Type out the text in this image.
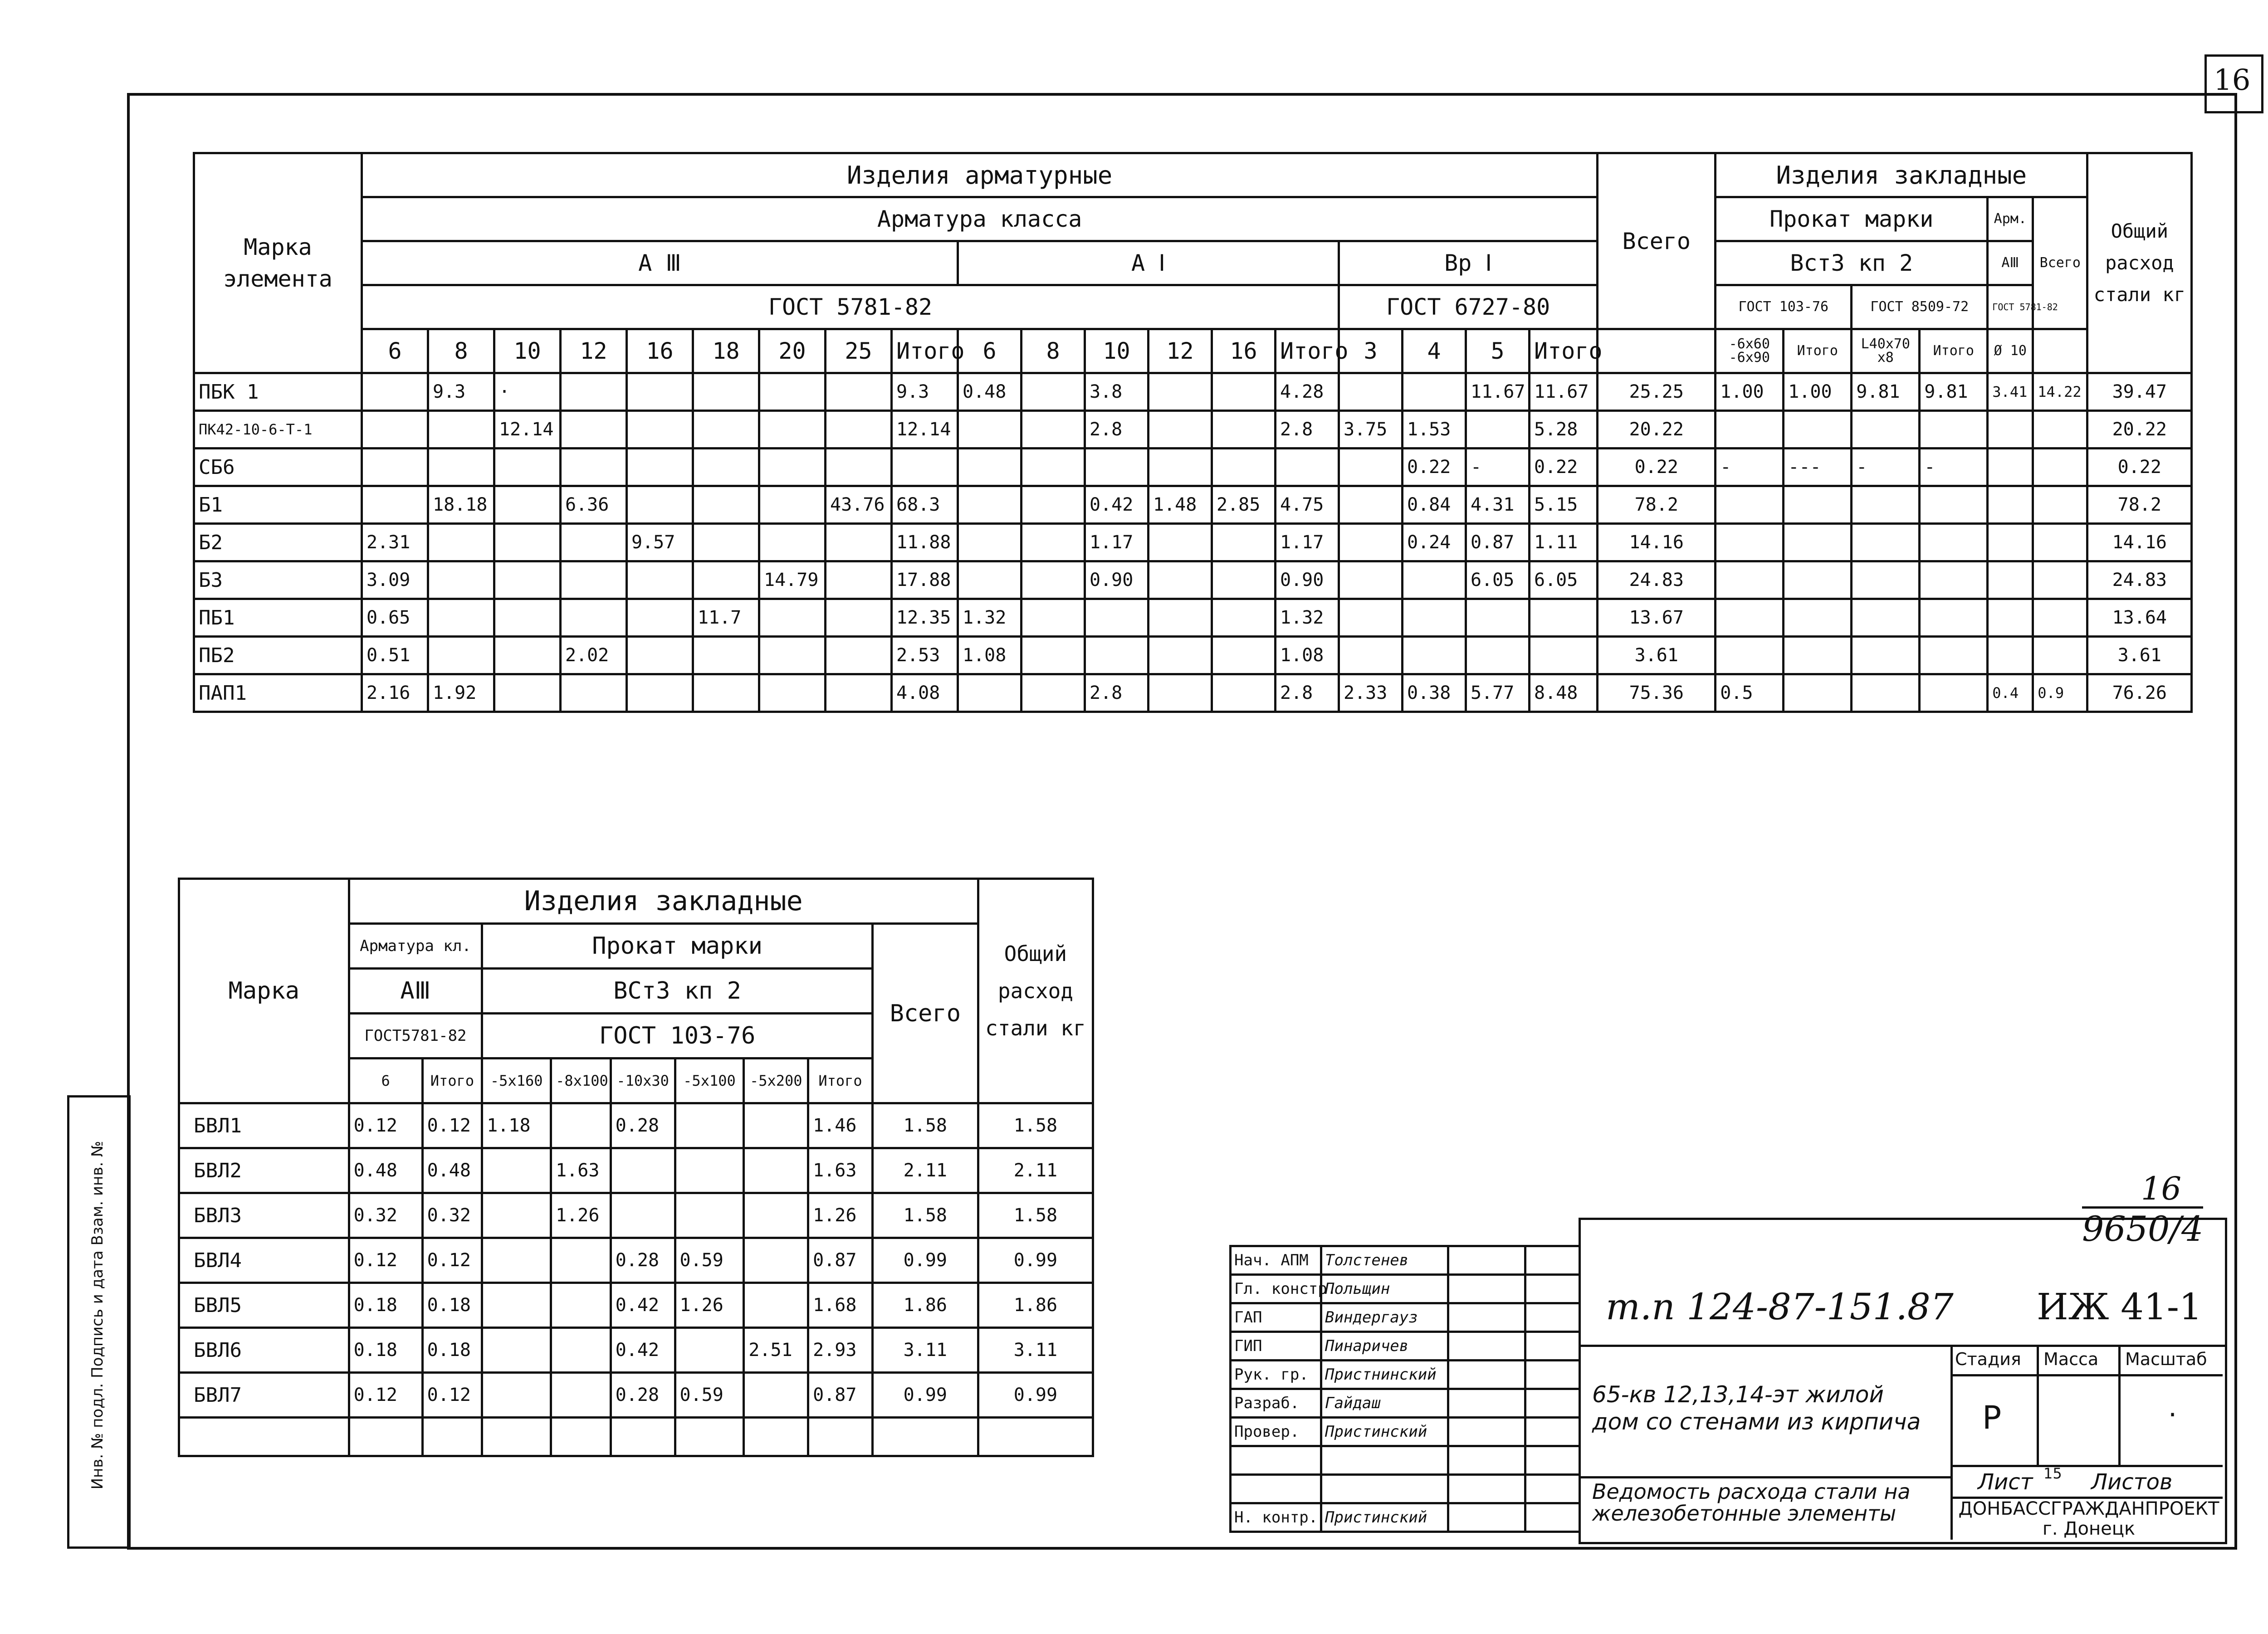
16
Инв. № подл. Подпись и дата Взам. инв. №
Марка элемента	Изделия арматурные																			Всего	Изделия закладные						Общий расход стали кг
	Арматура класса																				Прокат марки				Арм.	Всего	
	А Ⅲ									А Ⅰ						Вр Ⅰ					Вст3 кп 2				АⅢ		
	ГОСТ 5781-82															ГОСТ 6727-80					ГОСТ 103-76		ГОСТ 8509-72		ГОСТ 5781-82		
	6	8	10	12	16	18	20	25	Итого	6	8	10	12	16	Итого	3	4	5	Итого		-6x60 -6x90	Итого	L40x70 x8	Итого	Ø 10		
ПБК 1		9.3	·						9.3	0.48		3.8			4.28			11.67	11.67	25.25	1.00	1.00	9.81	9.81	3.41	14.22	39.47
ПК42-10-6-Т-1			12.14						12.14			2.8			2.8	3.75	1.53		5.28	20.22							20.22
СБ6																	0.22	-	0.22	0.22	-	---	-	-			0.22
Б1		18.18		6.36				43.76	68.3			0.42	1.48	2.85	4.75		0.84	4.31	5.15	78.2							78.2
Б2	2.31				9.57				11.88			1.17			1.17		0.24	0.87	1.11	14.16							14.16
Б3	3.09						14.79		17.88			0.90			0.90			6.05	6.05	24.83							24.83
ПБ1	0.65					11.7			12.35	1.32					1.32					13.67							13.64
ПБ2	0.51			2.02					2.53	1.08					1.08					3.61							3.61
ПАП1	2.16	1.92							4.08			2.8			2.8	2.33	0.38	5.77	8.48	75.36	0.5				0.4	0.9	76.26
Марка	Изделия закладные									Общий расход стали кг
	Арматура кл.		Прокат марки						Всего	
	АⅢ		ВСт3 кп 2							
	ГОСТ5781-82		ГОСТ 103-76							
	6	Итого	-5x160	-8x100	-10x30	-5x100	-5x200	Итого		
БВЛ1	0.12	0.12	1.18		0.28			1.46	1.58	1.58
БВЛ2	0.48	0.48		1.63				1.63	2.11	2.11
БВЛ3	0.32	0.32		1.26				1.26	1.58	1.58
БВЛ4	0.12	0.12			0.28	0.59		0.87	0.99	0.99
БВЛ5	0.18	0.18			0.42	1.26		1.68	1.86	1.86
БВЛ6	0.18	0.18			0.42		2.51	2.93	3.11	3.11
БВЛ7	0.12	0.12			0.28	0.59		0.87	0.99	0.99

16
9650/4
Нач. АПМ	Толстенев		
Гл. констр.	Польщин		
ГАП	Виндергауз		
ГИП	Пинаричев		
Рук. гр.	Пристнинский		
Разраб.	Гайдаш		
Провер.	Пристинский		

Н. контр.	Пристинский		
т.п 124-87-151.87 ИЖ 41-1
65-кв 12,13,14-эт жилой дом со стенами из кирпича
Ведомость расхода стали на железобетонные элементы
Стадия Масса Масштаб
Р	·
Лист 15 Листов
ДОНБАССГРАЖДАНПРОЕКТ г. Донецк
